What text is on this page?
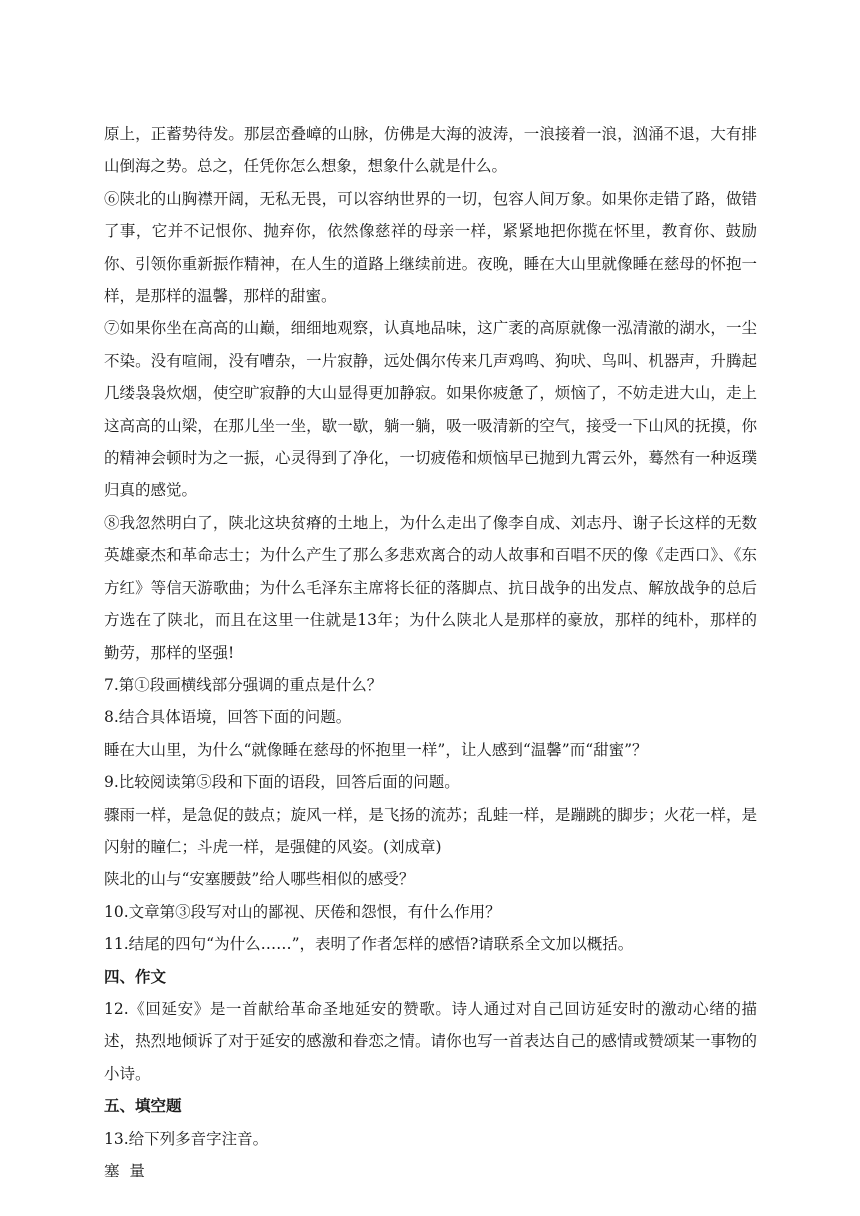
原上，正蓄势待发。那层峦叠嶂的山脉，仿佛是大海的波涛，一浪接着一浪，汹涌不退，大有排山倒海之势。总之，任凭你怎么想象，想象什么就是什么。

⑥陕北的山胸襟开阔，无私无畏，可以容纳世界的一切，包容人间万象。如果你走错了路，做错了事，它并不记恨你、抛弃你，依然像慈祥的母亲一样，紧紧地把你揽在怀里，教育你、鼓励你、引领你重新振作精神，在人生的道路上继续前进。夜晚，睡在大山里就像睡在慈母的怀抱一样，是那样的温馨，那样的甜蜜。

⑦如果你坐在高高的山巅，细细地观察，认真地品味，这广袤的高原就像一泓清澈的湖水，一尘不染。没有喧闹，没有嘈杂，一片寂静，远处偶尔传来几声鸡鸣、狗吠、鸟叫、机器声，升腾起几缕袅袅炊烟，使空旷寂静的大山显得更加静寂。如果你疲惫了，烦恼了，不妨走进大山，走上这高高的山梁，在那儿坐一坐，歇一歇，躺一躺，吸一吸清新的空气，接受一下山风的抚摸，你的精神会顿时为之一振，心灵得到了净化，一切疲倦和烦恼早已抛到九霄云外，蓦然有一种返璞归真的感觉。

⑧我忽然明白了，陕北这块贫瘠的土地上，为什么走出了像李自成、刘志丹、谢子长这样的无数英雄豪杰和革命志士；为什么产生了那么多悲欢离合的动人故事和百唱不厌的像《走西口》、《东方红》等信天游歌曲；为什么毛泽东主席将长征的落脚点、抗日战争的出发点、解放战争的总后方选在了陕北，而且在这里一住就是13年；为什么陕北人是那样的豪放，那样的纯朴，那样的勤劳，那样的坚强!

7.第①段画横线部分强调的重点是什么？

8.结合具体语境，回答下面的问题。

睡在大山里，为什么“就像睡在慈母的怀抱里一样”，让人感到“温馨”而“甜蜜”？

9.比较阅读第⑤段和下面的语段，回答后面的问题。

骤雨一样，是急促的鼓点；旋风一样，是飞扬的流苏；乱蛙一样，是蹦跳的脚步；火花一样，是闪射的瞳仁；斗虎一样，是强健的风姿。(刘成章)

陕北的山与“安塞腰鼓”给人哪些相似的感受？

10.文章第③段写对山的鄙视、厌倦和怨恨，有什么作用？

11.结尾的四句“为什么……”，表明了作者怎样的感悟?请联系全文加以概括。

四、作文

12.《回延安》是一首献给革命圣地延安的赞歌。诗人通过对自己回访延安时的激动心绪的描述，热烈地倾诉了对于延安的感激和眷恋之情。请你也写一首表达自己的感情或赞颂某一事物的小诗。

五、填空题

13.给下列多音字注音。

塞  量
